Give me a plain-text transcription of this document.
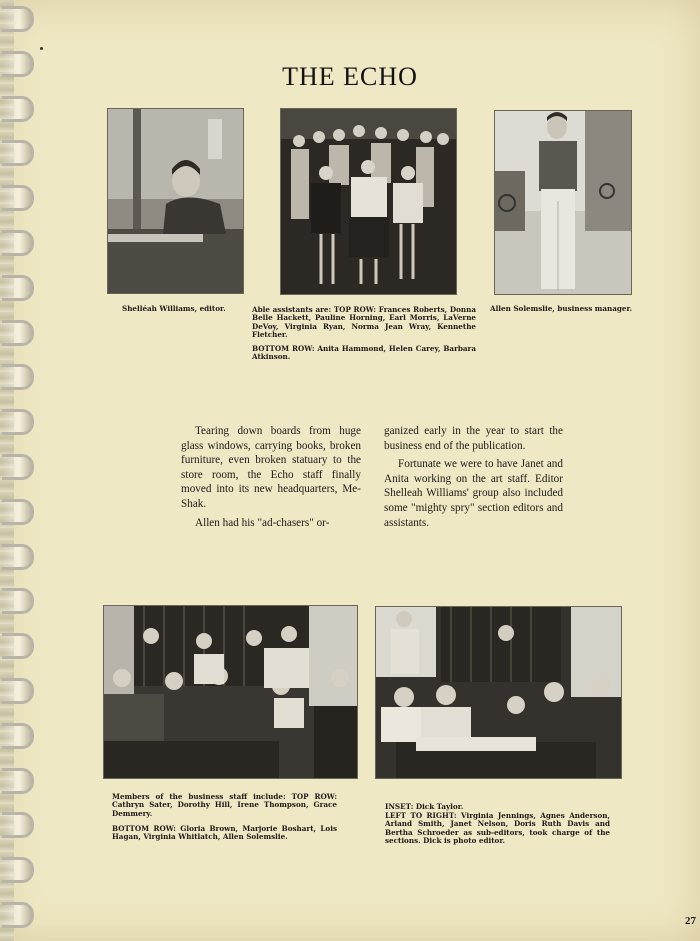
THE ECHO
Shelléah Williams, editor.	Able assistants are: TOP ROW: Frances Roberts, Donna Belle Hackett, Pauline Horning, Earl Morris, LaVerne DeVoy, Virginia Ryan, Norma Jean Wray, Kennethe Fletcher.
BOTTOM ROW: Anita Hammond, Helen Carey, Barbara Atkinson.
Allen Solemslie, business manager.

Tearing down boards from huge glass windows, carrying books, broken furniture, even broken statuary to the store room, the Echo staff finally moved into its new headquarters, Me-Shak.

Allen had his "ad-chasers" or-

ganized early in the year to start the business end of the publication.

Fortunate we were to have Janet and Anita working on the art staff. Editor Shelleah Williams' group also included some "mighty spry" section editors and assistants.

Members of the business staff include: TOP ROW: Cathryn Sater, Dorothy Hill, Irene Thompson, Grace Demmery.
BOTTOM ROW: Gloria Brown, Marjorie Boshart, Lois Hagan, Virginia Whitlatch, Allen Solemslie.
INSET: Dick Taylor.
LEFT TO RIGHT: Virginia Jennings, Agnes Anderson, Arland Smith, Janet Nelson, Doris Ruth Davis and Bertha Schroeder as sub-editors, took charge of the sections. Dick is photo editor.
27
